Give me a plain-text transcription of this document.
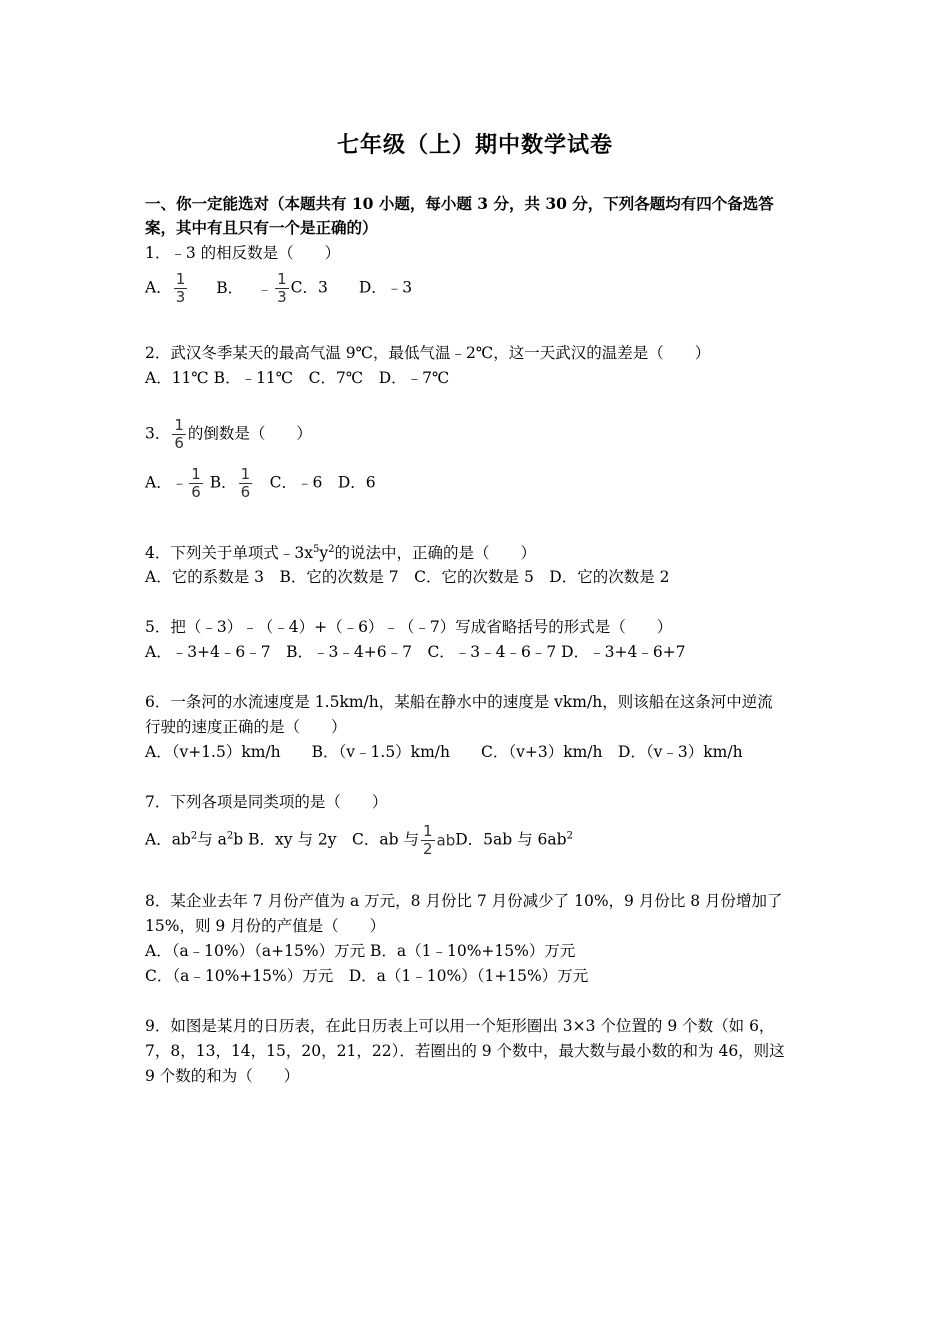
七年级（上）期中数学试卷
一、你一定能选对（本题共有 10 小题，每小题 3 分，共 30 分，下列各题均有四个备选答
案，其中有且只有一个是正确的）
1．﹣3 的相反数是（　　）
A． $\frac{1}{3}$ B． ﹣ $\frac{1}{3}$ C．3　　D．﹣3
2．武汉冬季某天的最高气温 9℃，最低气温﹣2℃，这一天武汉的温差是（　　）
A．11℃ B．﹣11℃　C．7℃　D．﹣7℃
3． $\frac{1}{6}$ 的倒数是（　　）
A．﹣ $\frac{1}{6}$ B． $\frac{1}{6}$ 　C．﹣6　D．6
4．下列关于单项式$﹣3x^5y^2$的说法中，正确的是（　　）
A．它的系数是 3　B．它的次数是 7　C．它的次数是 5　D．它的次数是 2
5．把（﹣3）﹣（﹣4）+（﹣6）﹣（﹣7）写成省略括号的形式是（　　）
A．﹣3+4﹣6﹣7　B．﹣3﹣4+6﹣7　C．﹣3﹣4﹣6﹣7 D．﹣3+4﹣6+7
6．一条河的水流速度是 1.5km/h，某船在静水中的速度是 vkm/h，则该船在这条河中逆流
行驶的速度正确的是（　　）
A．（v+1.5）km/h　　B．（v﹣1.5）km/h　　C．（v+3）km/h　D．（v﹣3）km/h
7．下列各项是同类项的是（　　）
A．$ab^2$与 $a^2b$ B．xy 与 2y　C．ab 与 $\frac{1}{2}$ abD．5ab 与 $6ab^2$
8．某企业去年 7 月份产值为 a 万元，8 月份比 7 月份减少了 10%，9 月份比 8 月份增加了
15%，则 9 月份的产值是（　　）
A．（a﹣10%）（a+15%）万元 B．a（1﹣10%+15%）万元
C．（a﹣10%+15%）万元　D．a（1﹣10%）（1+15%）万元
9．如图是某月的日历表，在此日历表上可以用一个矩形圈出 3×3 个位置的 9 个数（如 6，
7，8，13，14，15，20，21，22）．若圈出的 9 个数中，最大数与最小数的和为 46，则这
9 个数的和为（　　）
